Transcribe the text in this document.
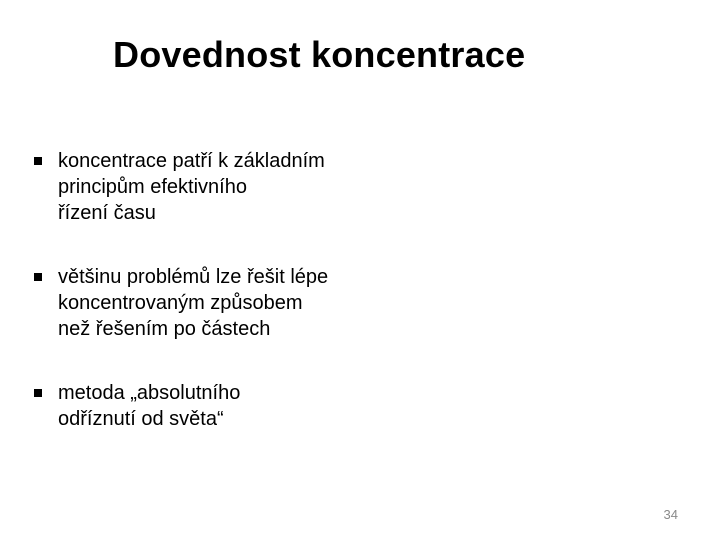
Dovednost koncentrace
koncentrace patří k základním
principům efektivního
řízení času
většinu problémů lze řešit lépe
koncentrovaným způsobem
než řešením po částech
metoda „absolutního
odříznutí od světa“
34
